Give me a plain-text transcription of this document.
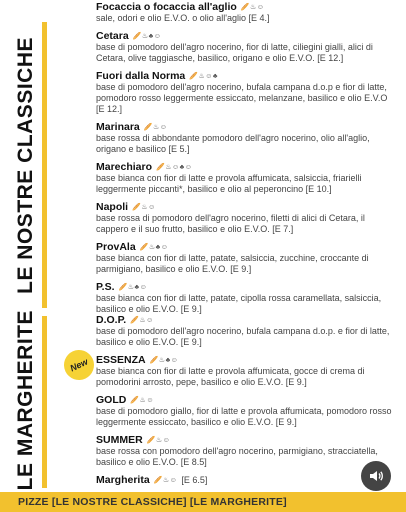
LE NOSTRE CLASSICHE
LE MARGHERITE
Focaccia o focaccia all'aglio 🥖♨☺
sale, odori e olio E.V.O. o olio all'aglio [E 4.]
Cetara 🥖♨♣☺
base di pomodoro dell'agro nocerino, fior di latte, ciliegini gialli, alici di Cetara, olive taggiasche, basilico, origano e olio E.V.O. [E 12.]
Fuori dalla Norma 🥖♨☺♣
base di pomodoro dell'agro nocerino, bufala campana d.o.p e fior di latte, pomodoro rosso leggermente essiccato, melanzane, basilico e olio E.V.O [E 12.]
Marinara 🥖♨☺
base rossa di abbondante pomodoro dell'agro nocerino, olio all'aglio, origano e basilico [E 5.]
Marechiaro 🥖♨☺♣☺
base bianca con fior di latte e provola affumicata, salsiccia, friarielli leggermente piccanti*, basilico e olio al peperoncino [E 10.]
Napoli 🥖♨☺
base rossa di pomodoro dell'agro nocerino, filetti di alici di Cetara, il cappero e il suo frutto, basilico e olio E.V.O. [E 7.]
ProvAla 🥖♨♣☺
base bianca con fior di latte, patate, salsiccia, zucchine, croccante di parmigiano, basilico e olio E.V.O. [E 9.]
P.S. 🥖♨♣☺
base bianca con fior di latte, patate, cipolla rossa caramellata, salsiccia, basilico e olio E.V.O. [E 9.]
New
D.O.P. 🥖♨☺
base di pomodoro dell'agro nocerino, bufala campana d.o.p. e fior di latte, basilico e olio E.V.O. [E 9.]
ESSENZA 🥖♨♣☺
base bianca con fior di latte e provola affumicata, gocce di crema di pomodorini arrosto, pepe, basilico e olio E.V.O. [E 9.]
GOLD 🥖♨☺
base di pomodoro giallo, fior di latte e provola affumicata, pomodoro rosso leggermente essiccato, basilico e olio E.V.O. [E 9.]
SUMMER 🥖♨☺
base rossa con pomodoro dell'agro nocerino, parmigiano, stracciatella, basilico e olio E.V.O. [E 8.5]
Margherita 🥖♨☺ [E 6.5]
PIZZE [LE NOSTRE CLASSICHE] [LE MARGHERITE]
